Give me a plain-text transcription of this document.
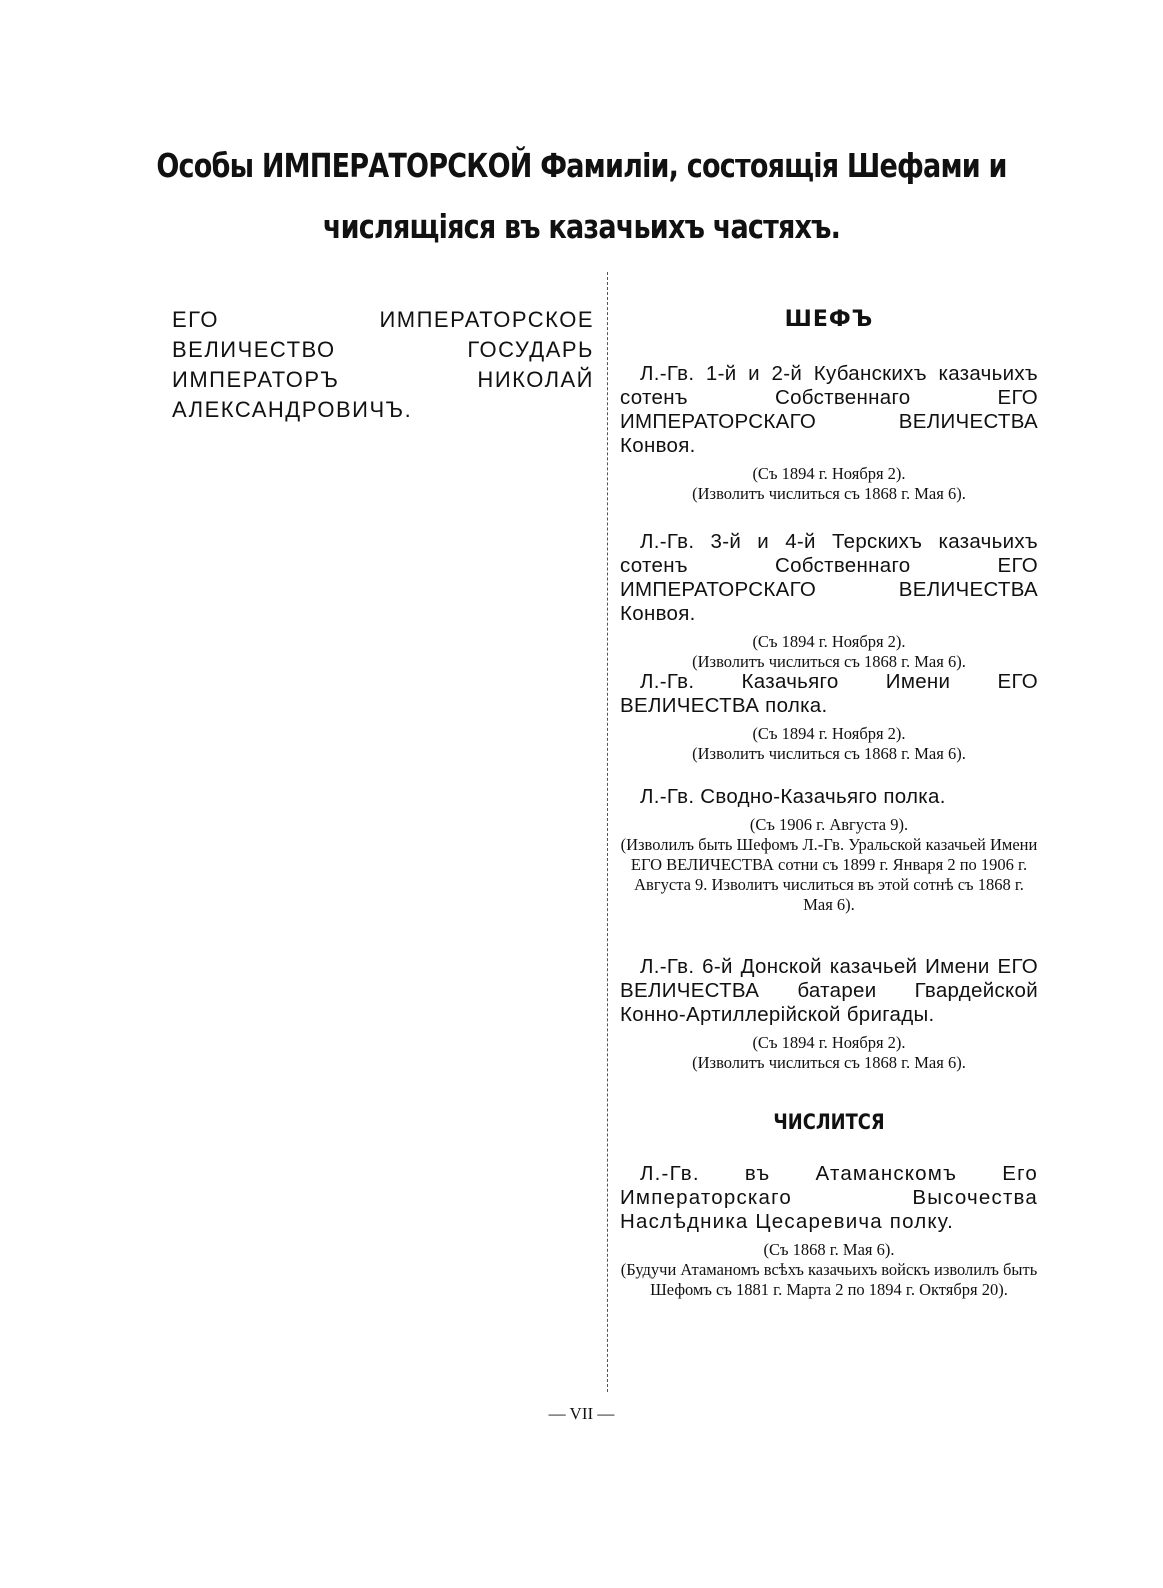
Особы ИМПЕРАТОРСКОЙ Фамиліи, состоящія Шефами и
числящіяся въ казачьихъ частяхъ.

ЕГО ИМПЕРАТОРСКОЕ ВЕЛИЧЕСТВО ГОСУДАРЬ ИМПЕРАТОРЪ НИКОЛАЙ АЛЕКСАНДРОВИЧЪ.

ШЕФЪ

Л.-Гв. 1-й и 2-й Кубанскихъ казачьихъ сотенъ Собственнаго ЕГО ИМПЕРАТОРСКАГО ВЕЛИЧЕСТВА Конвоя.

(Съ 1894 г. Ноября 2).

(Изволитъ числиться съ 1868 г. Мая 6).

Л.-Гв. 3-й и 4-й Терскихъ казачьихъ сотенъ Собственнаго ЕГО ИМПЕРАТОРСКАГО ВЕЛИЧЕСТВА Конвоя.

(Съ 1894 г. Ноября 2).

(Изволитъ числиться съ 1868 г. Мая 6).

Л.-Гв. Казачьяго Имени ЕГО ВЕЛИЧЕСТВА полка.

(Съ 1894 г. Ноября 2).

(Изволитъ числиться съ 1868 г. Мая 6).

Л.-Гв. Сводно-Казачьяго полка.

(Съ 1906 г. Августа 9).

(Изволилъ быть Шефомъ Л.-Гв. Уральской казачьей Имени ЕГО ВЕЛИЧЕСТВА сотни съ 1899 г. Января 2 по 1906 г. Августа 9. Изволитъ числиться въ этой сотнѣ съ 1868 г. Мая 6).

Л.-Гв. 6-й Донской казачьей Имени ЕГО ВЕЛИЧЕСТВА батареи Гвардейской Конно-Артиллерійской бригады.

(Съ 1894 г. Ноября 2).

(Изволитъ числиться съ 1868 г. Мая 6).

ЧИСЛИТСЯ

Л.-Гв. въ Атаманскомъ Его Императорскаго Высочества Наслѣдника Цесаревича полку.

(Съ 1868 г. Мая 6).

(Будучи Атаманомъ всѣхъ казачьихъ войскъ изволилъ быть Шефомъ съ 1881 г. Марта 2 по 1894 г. Октября 20).

— VII —
